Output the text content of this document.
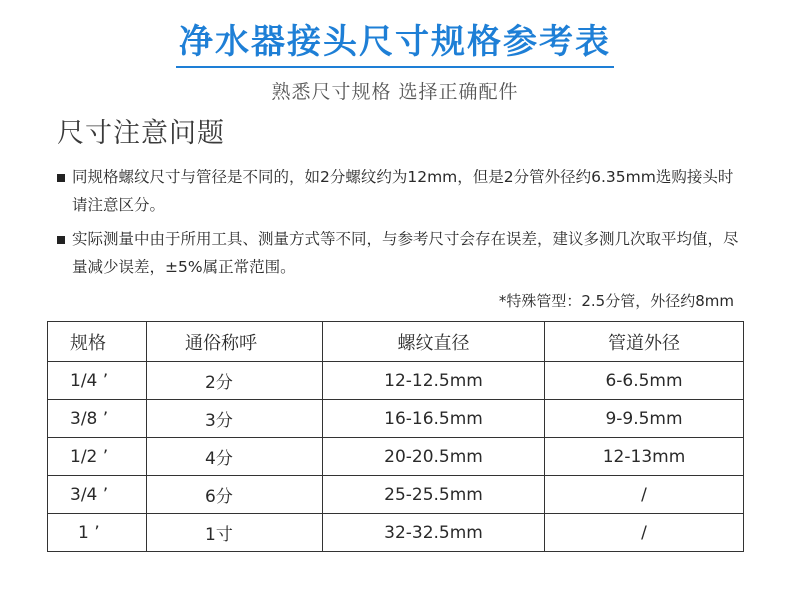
净水器接头尺寸规格参考表
熟悉尺寸规格 选择正确配件
尺寸注意问题
同规格螺纹尺寸与管径是不同的，如2分螺纹约为12mm，但是2分管外径约6.35mm选购接头时请注意区分。
实际测量中由于所用工具、测量方式等不同，与参考尺寸会存在误差，建议多测几次取平均值，尽量减少误差，±5%属正常范围。
*特殊管型：2.5分管，外径约8mm
规格	通俗称呼	螺纹直径	管道外径
1/4 ’	2分	12-12.5mm	6-6.5mm
3/8 ’	3分	16-16.5mm	9-9.5mm
1/2 ’	4分	20-20.5mm	12-13mm
3/4 ’	6分	25-25.5mm	/
1 ’	1寸	32-32.5mm	/
